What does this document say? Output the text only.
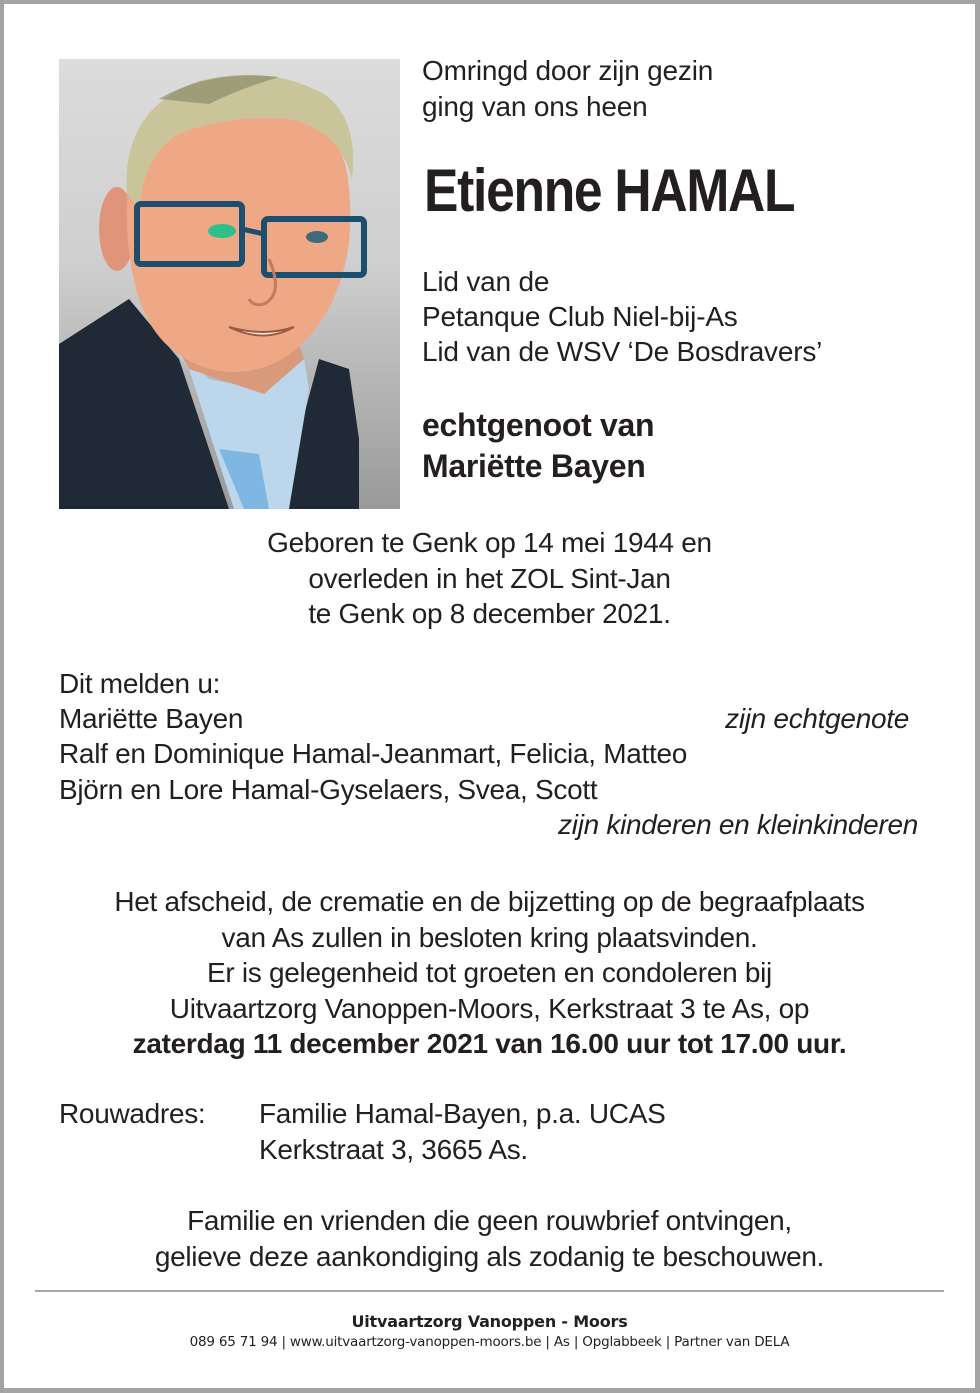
Omringd door zijn gezin
ging van ons heen
Etienne HAMAL
Lid van de
Petanque Club Niel-bij-As
Lid van de WSV ‘De Bosdravers’
echtgenoot van
Mariëtte Bayen
Geboren te Genk op 14 mei 1944 en
overleden in het ZOL Sint-Jan
te Genk op 8 december 2021.
Dit melden u:
Mariëtte Bayen	zijn echtgenote
Ralf en Dominique Hamal-Jeanmart, Felicia, Matteo
Björn en Lore Hamal-Gyselaers, Svea, Scott
zijn kinderen en kleinkinderen
Het afscheid, de crematie en de bijzetting op de begraafplaats
van As zullen in besloten kring plaatsvinden.
Er is gelegenheid tot groeten en condoleren bij
Uitvaartzorg Vanoppen-Moors, Kerkstraat 3 te As, op
zaterdag 11 december 2021 van 16.00 uur tot 17.00 uur.
Rouwadres: Familie Hamal-Bayen, p.a. UCAS
Kerkstraat 3, 3665 As.
Familie en vrienden die geen rouwbrief ontvingen,
gelieve deze aankondiging als zodanig te beschouwen.
Uitvaartzorg Vanoppen - Moors
089 65 71 94 | www.uitvaartzorg-vanoppen-moors.be | As | Opglabbeek | Partner van DELA
